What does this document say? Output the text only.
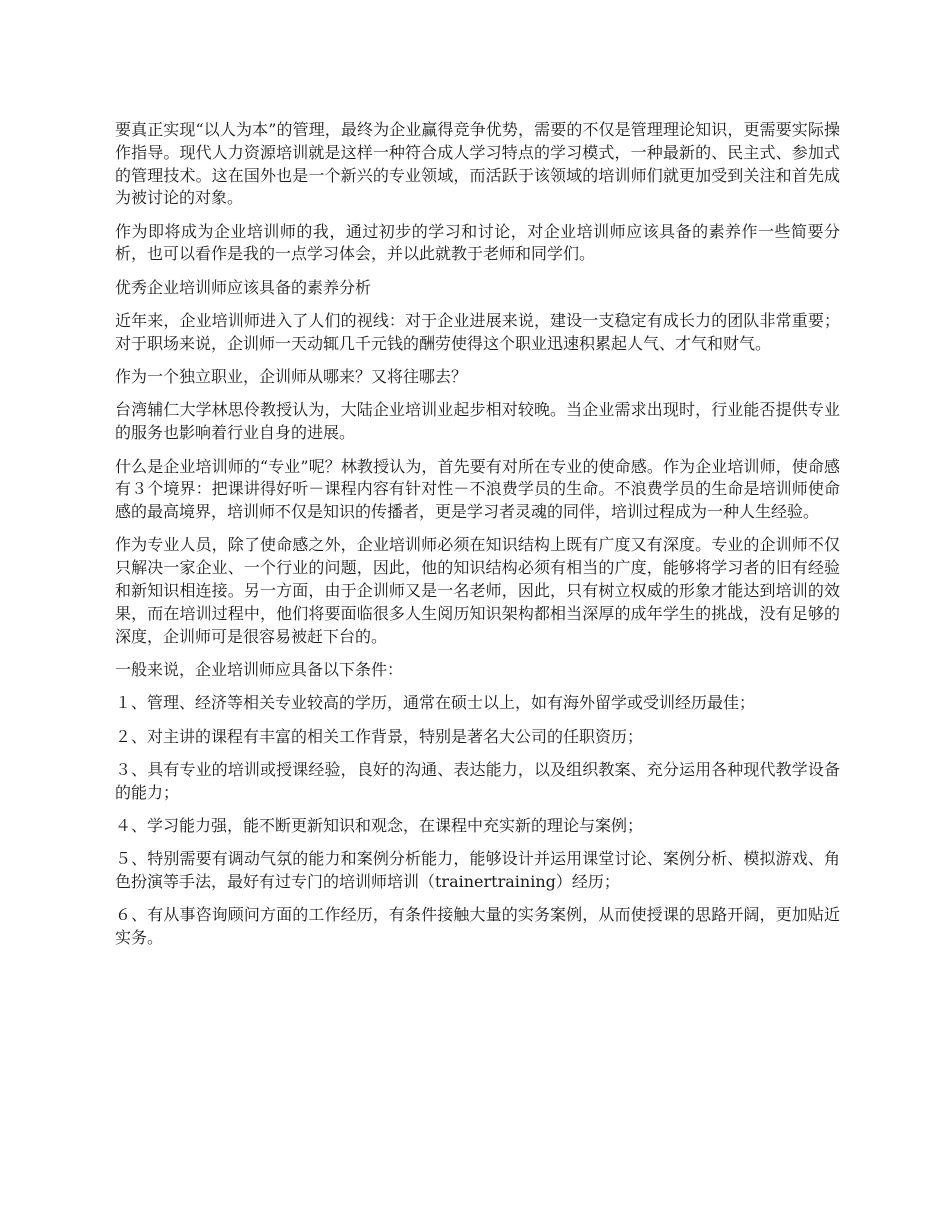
要真正实现“以人为本”的管理，最终为企业赢得竞争优势，需要的不仅是管理理论知识，更需要实际操作指导。现代人力资源培训就是这样一种符合成人学习特点的学习模式，一种最新的、民主式、参加式的管理技术。这在国外也是一个新兴的专业领域，而活跃于该领域的培训师们就更加受到关注和首先成为被讨论的对象。

作为即将成为企业培训师的我，通过初步的学习和讨论，对企业培训师应该具备的素养作一些简要分析，也可以看作是我的一点学习体会，并以此就教于老师和同学们。

优秀企业培训师应该具备的素养分析

近年来，企业培训师进入了人们的视线：对于企业进展来说，建设一支稳定有成长力的团队非常重要；对于职场来说，企训师一天动辄几千元钱的酬劳使得这个职业迅速积累起人气、才气和财气。

作为一个独立职业，企训师从哪来？又将往哪去？

台湾辅仁大学林思伶教授认为，大陆企业培训业起步相对较晚。当企业需求出现时，行业能否提供专业的服务也影响着行业自身的进展。

什么是企业培训师的“专业”呢？林教授认为，首先要有对所在专业的使命感。作为企业培训师，使命感有３个境界：把课讲得好听－课程内容有针对性－不浪费学员的生命。不浪费学员的生命是培训师使命感的最高境界，培训师不仅是知识的传播者，更是学习者灵魂的同伴，培训过程成为一种人生经验。

作为专业人员，除了使命感之外，企业培训师必须在知识结构上既有广度又有深度。专业的企训师不仅只解决一家企业、一个行业的问题，因此，他的知识结构必须有相当的广度，能够将学习者的旧有经验和新知识相连接。另一方面，由于企训师又是一名老师，因此，只有树立权威的形象才能达到培训的效果，而在培训过程中，他们将要面临很多人生阅历知识架构都相当深厚的成年学生的挑战，没有足够的深度，企训师可是很容易被赶下台的。

一般来说，企业培训师应具备以下条件：

１、管理、经济等相关专业较高的学历，通常在硕士以上，如有海外留学或受训经历最佳；

２、对主讲的课程有丰富的相关工作背景，特别是著名大公司的任职资历；

３、具有专业的培训或授课经验，良好的沟通、表达能力，以及组织教案、充分运用各种现代教学设备的能力；

４、学习能力强，能不断更新知识和观念，在课程中充实新的理论与案例；

５、特别需要有调动气氛的能力和案例分析能力，能够设计并运用课堂讨论、案例分析、模拟游戏、角色扮演等手法，最好有过专门的培训师培训（trainertraining）经历；

６、有从事咨询顾问方面的工作经历，有条件接触大量的实务案例，从而使授课的思路开阔，更加贴近实务。
